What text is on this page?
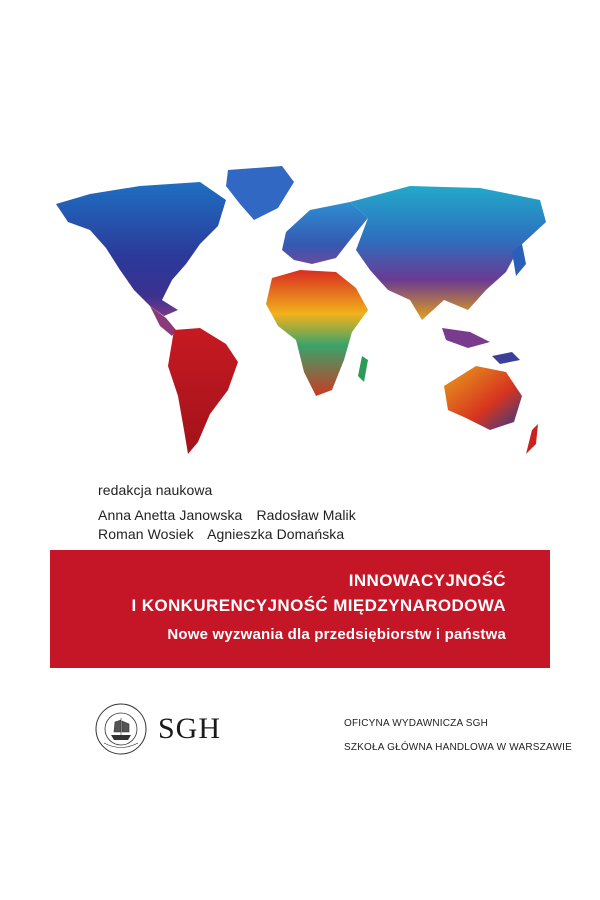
redakcja naukowa
Anna Anetta Janowska Radosław Malik
Roman Wosiek Agnieszka Domańska
INNOWACYJNOŚĆ
I KONKURENCYJNOŚĆ MIĘDZYNARODOWA
Nowe wyzwania dla przedsiębiorstw i państwa
SGH	OFICYNA WYDAWNICZA SGH
SZKOŁA GŁÓWNA HANDLOWA W WARSZAWIE
